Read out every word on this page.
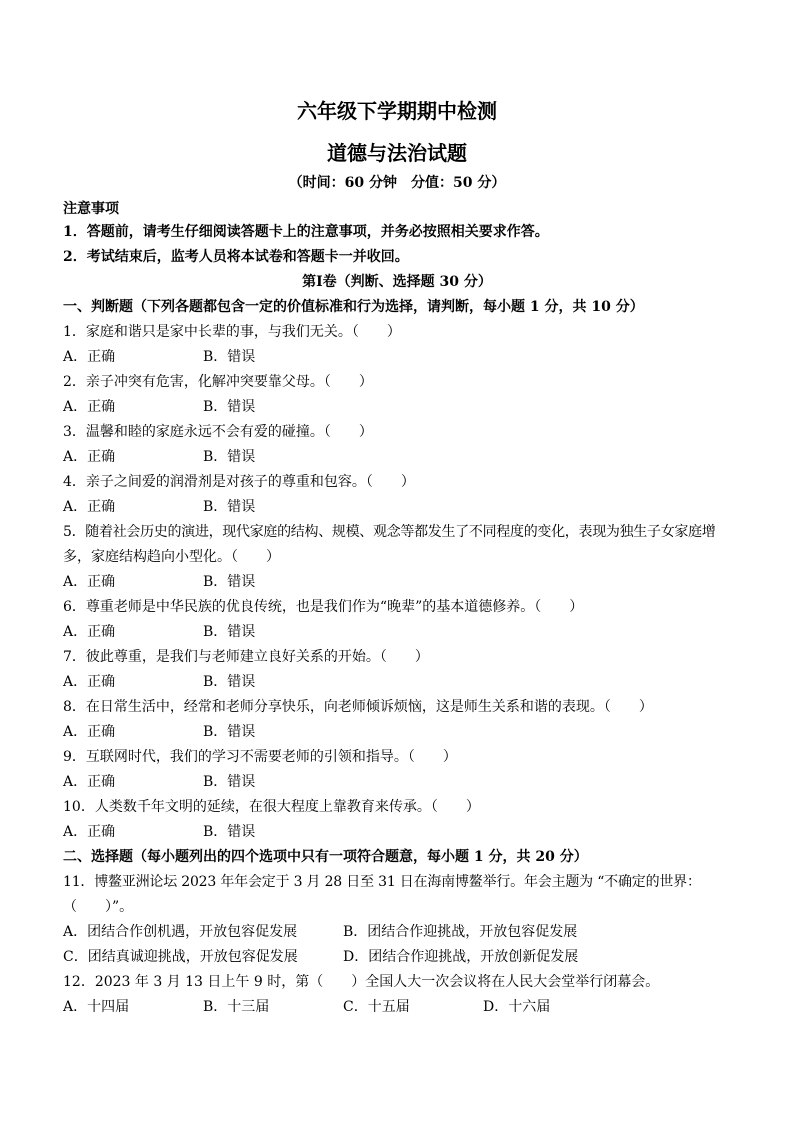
六年级下学期期中检测
道德与法治试题
（时间：60 分钟　分值：50 分）
注意事项
1．答题前，请考生仔细阅读答题卡上的注意事项，并务必按照相关要求作答。
2．考试结束后，监考人员将本试卷和答题卡一并收回。
第Ⅰ卷（判断、选择题 30 分）
一、判断题（下列各题都包含一定的价值标准和行为选择，请判断，每小题 1 分，共 10 分）
1．家庭和谐只是家中长辈的事，与我们无关。（　　）
A．正确	B．错误
2．亲子冲突有危害，化解冲突要靠父母。（　　）
A．正确	B．错误
3．温馨和睦的家庭永远不会有爱的碰撞。（　　）
A．正确	B．错误
4．亲子之间爱的润滑剂是对孩子的尊重和包容。（　　）
A．正确	B．错误
5．随着社会历史的演进，现代家庭的结构、规模、观念等都发生了不同程度的变化，表现为独生子女家庭增
多，家庭结构趋向小型化。（　　）
A．正确	B．错误
6．尊重老师是中华民族的优良传统，也是我们作为“晚辈”的基本道德修养。（　　）
A．正确	B．错误
7．彼此尊重，是我们与老师建立良好关系的开始。（　　）
A．正确	B．错误
8．在日常生活中，经常和老师分享快乐，向老师倾诉烦恼，这是师生关系和谐的表现。（　　）
A．正确	B．错误
9．互联网时代，我们的学习不需要老师的引领和指导。（　　）
A．正确	B．错误
10．人类数千年文明的延续，在很大程度上靠教育来传承。（　　）
A．正确	B．错误
二、选择题（每小题列出的四个选项中只有一项符合题意，每小题 1 分，共 20 分）
11．博鳌亚洲论坛 2023 年年会定于 3 月 28 日至 31 日在海南博鳌举行。年会主题为 “不确定的世界：
（　　）”。
A．团结合作创机遇，开放包容促发展	B．团结合作迎挑战，开放包容促发展
C．团结真诚迎挑战，开放包容促发展	D．团结合作迎挑战，开放创新促发展
12．2023 年 3 月 13 日上午 9 时，第（　　）全国人大一次会议将在人民大会堂举行闭幕会。
A．十四届	B．十三届	C．十五届	D．十六届
